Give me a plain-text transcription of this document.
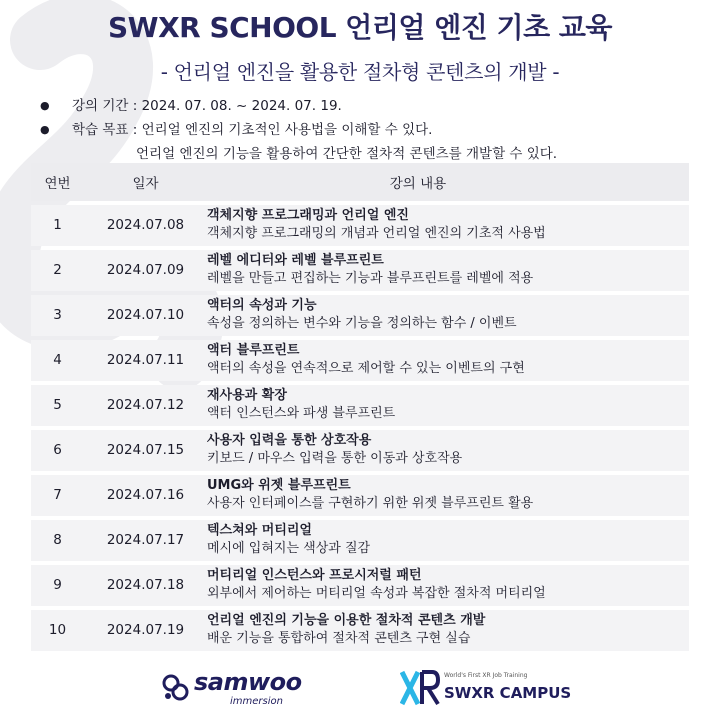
SWXR SCHOOL 언리얼 엔진 기초 교육
- 언리얼 엔진을 활용한 절차형 콘텐츠의 개발 -
● 강의 기간 : 2024. 07. 08. ~ 2024. 07. 19.
● 학습 목표 : 언리얼 엔진의 기초적인 사용법을 이해할 수 있다.
언리얼 엔진의 기능을 활용하여 간단한 절차적 콘텐츠를 개발할 수 있다.
연번	일자	강의 내용
1	2024.07.08
객체지향 프로그래밍과 언리얼 엔진
객체지향 프로그래밍의 개념과 언리얼 엔진의 기초적 사용법
2	2024.07.09
레벨 에디터와 레벨 블루프린트
레벨을 만들고 편집하는 기능과 블루프린트를 레벨에 적용
3	2024.07.10
액터의 속성과 기능
속성을 정의하는 변수와 기능을 정의하는 함수 / 이벤트
4	2024.07.11
액터 블루프린트
액터의 속성을 연속적으로 제어할 수 있는 이벤트의 구현
5	2024.07.12
재사용과 확장
액터 인스턴스와 파생 블루프린트
6	2024.07.15
사용자 입력을 통한 상호작용
키보드 / 마우스 입력을 통한 이동과 상호작용
7	2024.07.16
UMG와 위젯 블루프린트
사용자 인터페이스를 구현하기 위한 위젯 블루프린트 활용
8	2024.07.17
텍스쳐와 머티리얼
메시에 입혀지는 색상과 질감
9	2024.07.18
머티리얼 인스턴스와 프로시저럴 패턴
외부에서 제어하는 머티리얼 속성과 복잡한 절차적 머티리얼
10	2024.07.19
언리얼 엔진의 기능을 이용한 절차적 콘텐츠 개발
배운 기능을 통합하여 절차적 콘텐츠 구현 실습
samwoo
immersion
World's First XR Job Training
SWXR CAMPUS
